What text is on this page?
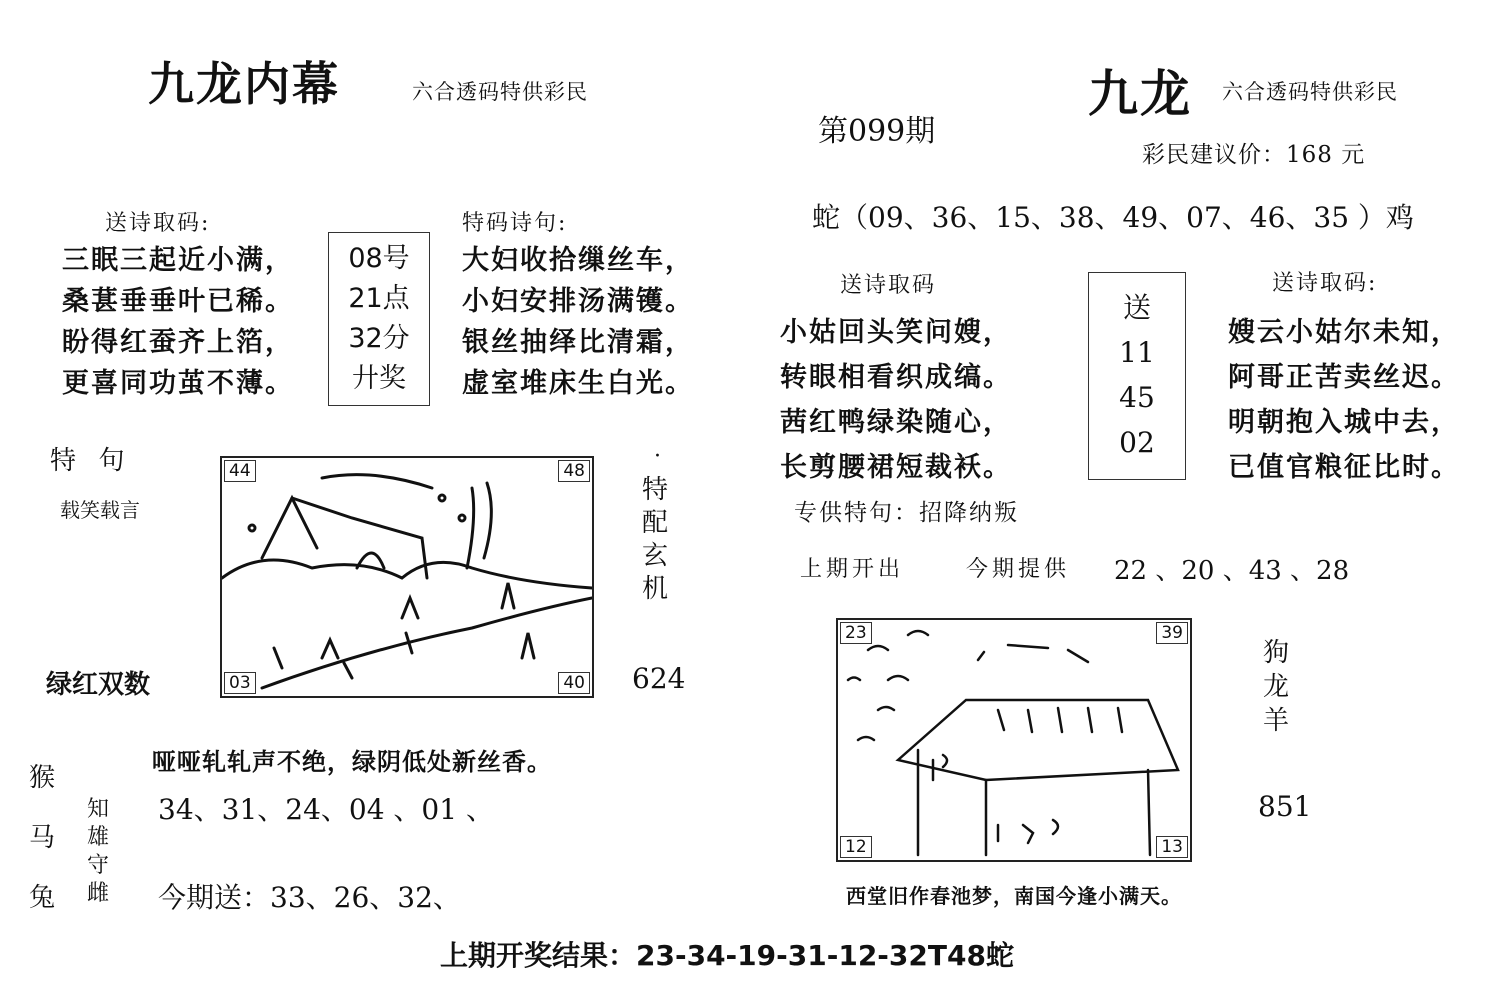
九龙内幕	六合透码特供彩民
送诗取码:
三眠三起近小满，
桑葚垂垂叶已稀。
盼得红蚕齐上箔，
更喜同功茧不薄。
08号
21点
32分
廾奖
特码诗句:
大妇收拾缫丝车，
小妇安排汤满镬。
银丝抽绎比清霜，
虚室堆床生白光。
特  句
载笑载言
44	48
03	40
·
特
配
玄
机
绿红双数	624
猴
马
兔
知
雄
守
雌
哑哑轧轧声不绝，绿阴低处新丝香。
34、31、24、04 、01 、
今期送：33、26、32、
第099期
九龙 六合透码特供彩民
彩民建议价：168 元
蛇（09、36、15、38、49、07、46、35 ）鸡
送诗取码
小姑回头笑问嫂，
转眼相看织成缟。
茜红鸭绿染随心，
长剪腰裙短裁袄。
送
11
45
02
送诗取码:
嫂云小姑尔未知，
阿哥正苦卖丝迟。
明朝抱入城中去，
已值官粮征比时。
专供特句：招降纳叛
上期开出	今期提供 22 、20 、43 、28
23	39
12	13
狗
龙
羊
851
西堂旧作春池梦，南国今逢小满天。
上期开奖结果：23-34-19-31-12-32T48蛇
